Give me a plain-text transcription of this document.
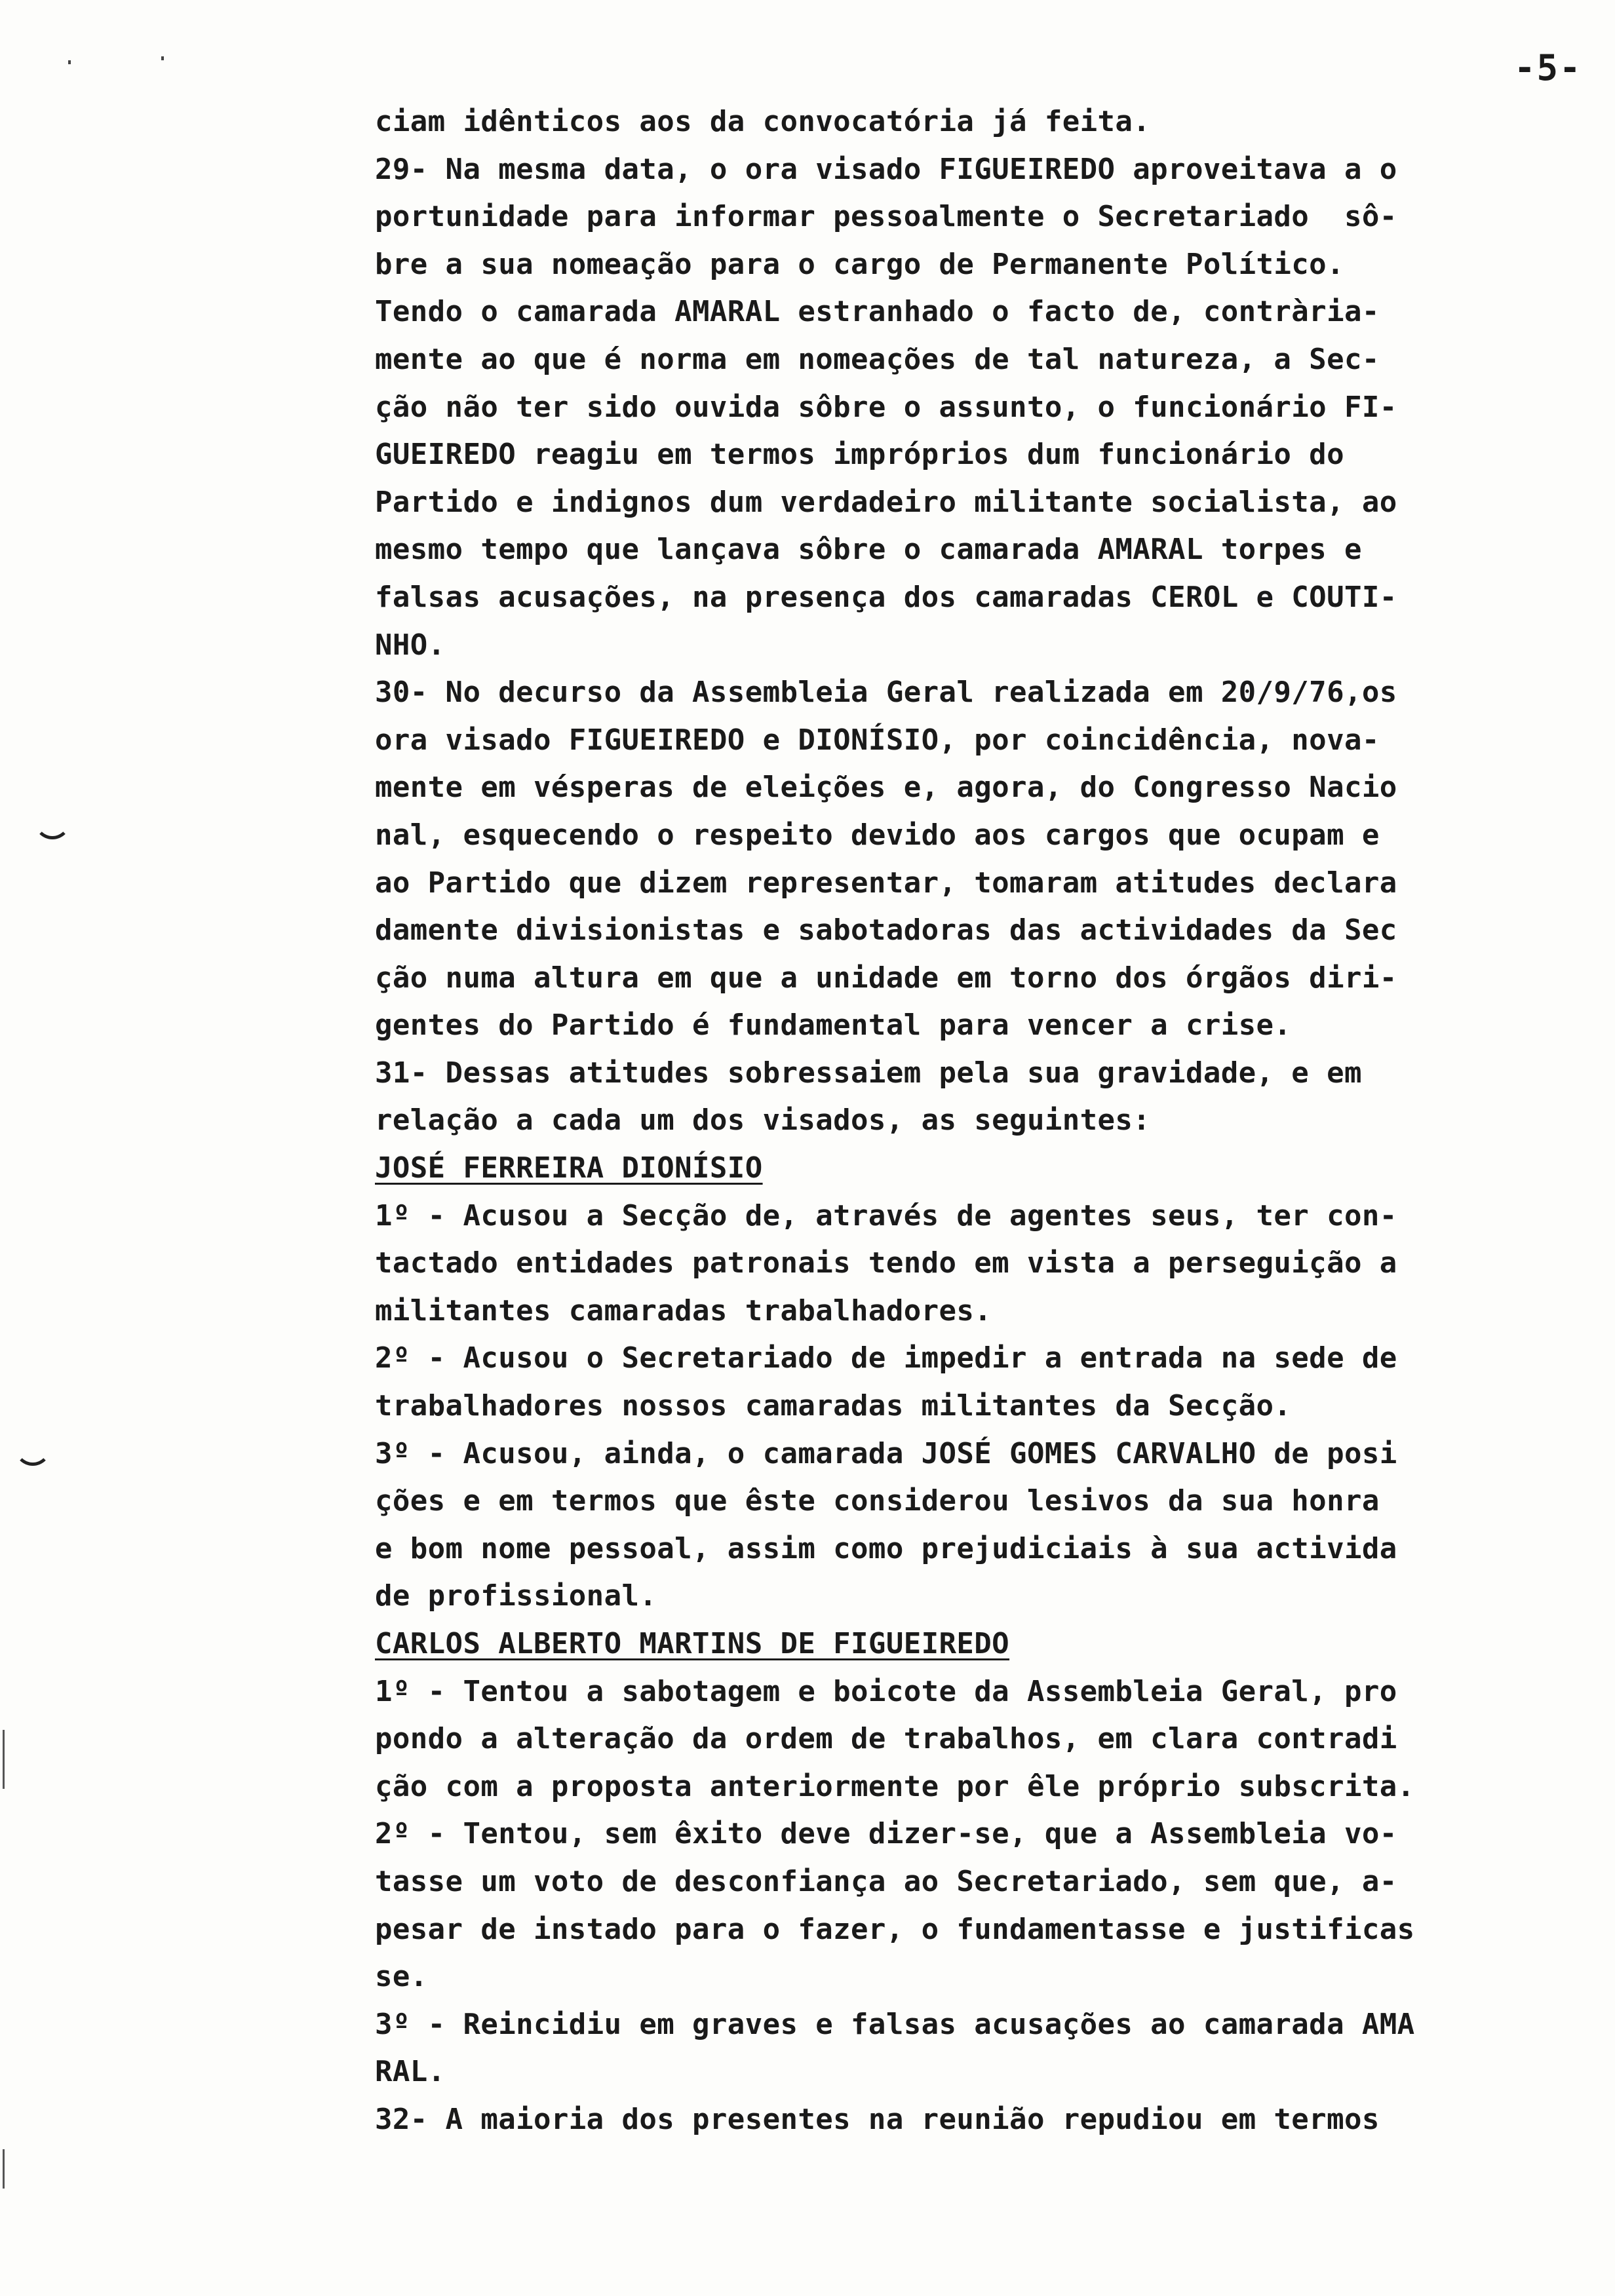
-5-
ciam idênticos aos da convocatória já feita.
29- Na mesma data, o ora visado FIGUEIREDO aproveitava a o
portunidade para informar pessoalmente o Secretariado  sô-
bre a sua nomeação para o cargo de Permanente Político.
Tendo o camarada AMARAL estranhado o facto de, contrària-
mente ao que é norma em nomeações de tal natureza, a Sec-
ção não ter sido ouvida sôbre o assunto, o funcionário FI-
GUEIREDO reagiu em termos impróprios dum funcionário do
Partido e indignos dum verdadeiro militante socialista, ao
mesmo tempo que lançava sôbre o camarada AMARAL torpes e
falsas acusações, na presença dos camaradas CEROL e COUTI-
NHO.
30- No decurso da Assembleia Geral realizada em 20/9/76,os
ora visado FIGUEIREDO e DIONÍSIO, por coincidência, nova-
mente em vésperas de eleições e, agora, do Congresso Nacio
nal, esquecendo o respeito devido aos cargos que ocupam e
ao Partido que dizem representar, tomaram atitudes declara
damente divisionistas e sabotadoras das actividades da Sec
ção numa altura em que a unidade em torno dos órgãos diri-
gentes do Partido é fundamental para vencer a crise.
31- Dessas atitudes sobressaiem pela sua gravidade, e em
relação a cada um dos visados, as seguintes:
JOSÉ FERREIRA DIONÍSIO
1º - Acusou a Secção de, através de agentes seus, ter con-
tactado entidades patronais tendo em vista a perseguição a
militantes camaradas trabalhadores.
2º - Acusou o Secretariado de impedir a entrada na sede de
trabalhadores nossos camaradas militantes da Secção.
3º - Acusou, ainda, o camarada JOSÉ GOMES CARVALHO de posi
ções e em termos que êste considerou lesivos da sua honra
e bom nome pessoal, assim como prejudiciais à sua activida
de profissional.
CARLOS ALBERTO MARTINS DE FIGUEIREDO
1º - Tentou a sabotagem e boicote da Assembleia Geral, pro
pondo a alteração da ordem de trabalhos, em clara contradi
ção com a proposta anteriormente por êle próprio subscrita.
2º - Tentou, sem êxito deve dizer-se, que a Assembleia vo-
tasse um voto de desconfiança ao Secretariado, sem que, a-
pesar de instado para o fazer, o fundamentasse e justificas
se.
3º - Reincidiu em graves e falsas acusações ao camarada AMA
RAL.
32- A maioria dos presentes na reunião repudiou em termos
